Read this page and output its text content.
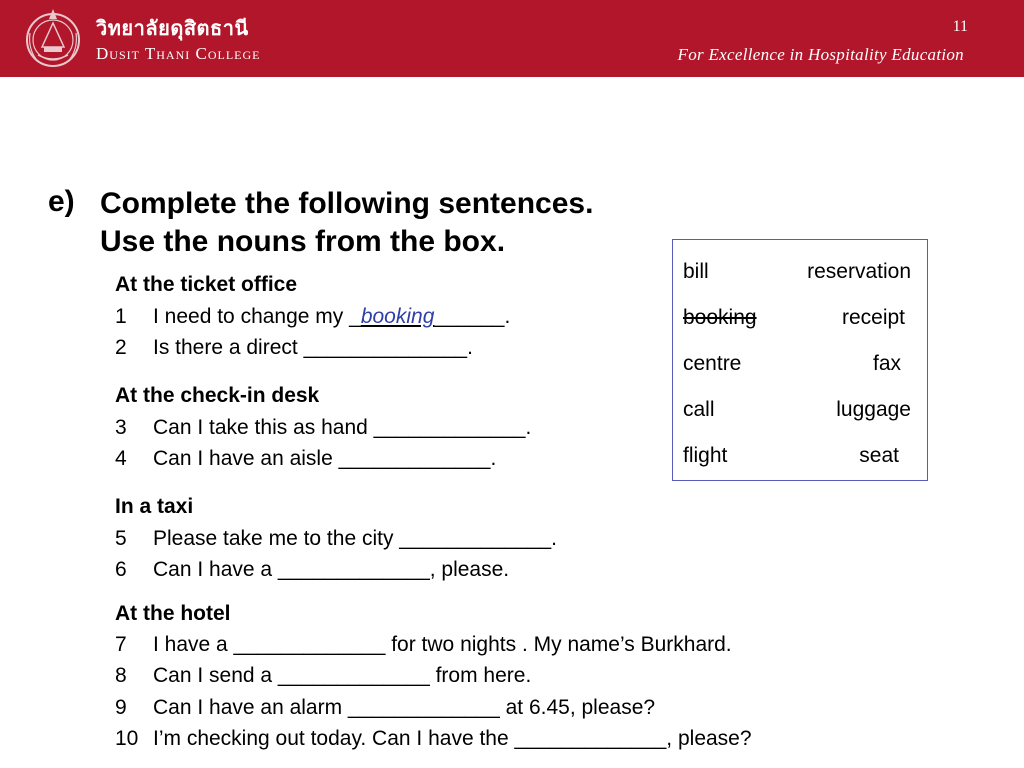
วิทยาลัยดุสิตธานี
Dusit Thani College
11
For Excellence in Hospitality Education
e) Complete the following sentences.
Use the nouns from the box.
At the ticket office
1 I need to change my _booking______.
2 Is there a direct ______________.
At the check-in desk
3 Can I take this as hand _____________.
4 Can I have an aisle _____________.
In a taxi
5 Please take me to the city _____________.
6 Can I have a _____________, please.
At the hotel
7 I have a _____________ for two nights . My name’s Burkhard.
8 Can I send a _____________ from here.
9 Can I have an alarm _____________ at 6.45, please?
10 I’m checking out today. Can I have the _____________, please?
bill	reservation
booking	receipt
centre	fax
call	luggage
flight	seat
